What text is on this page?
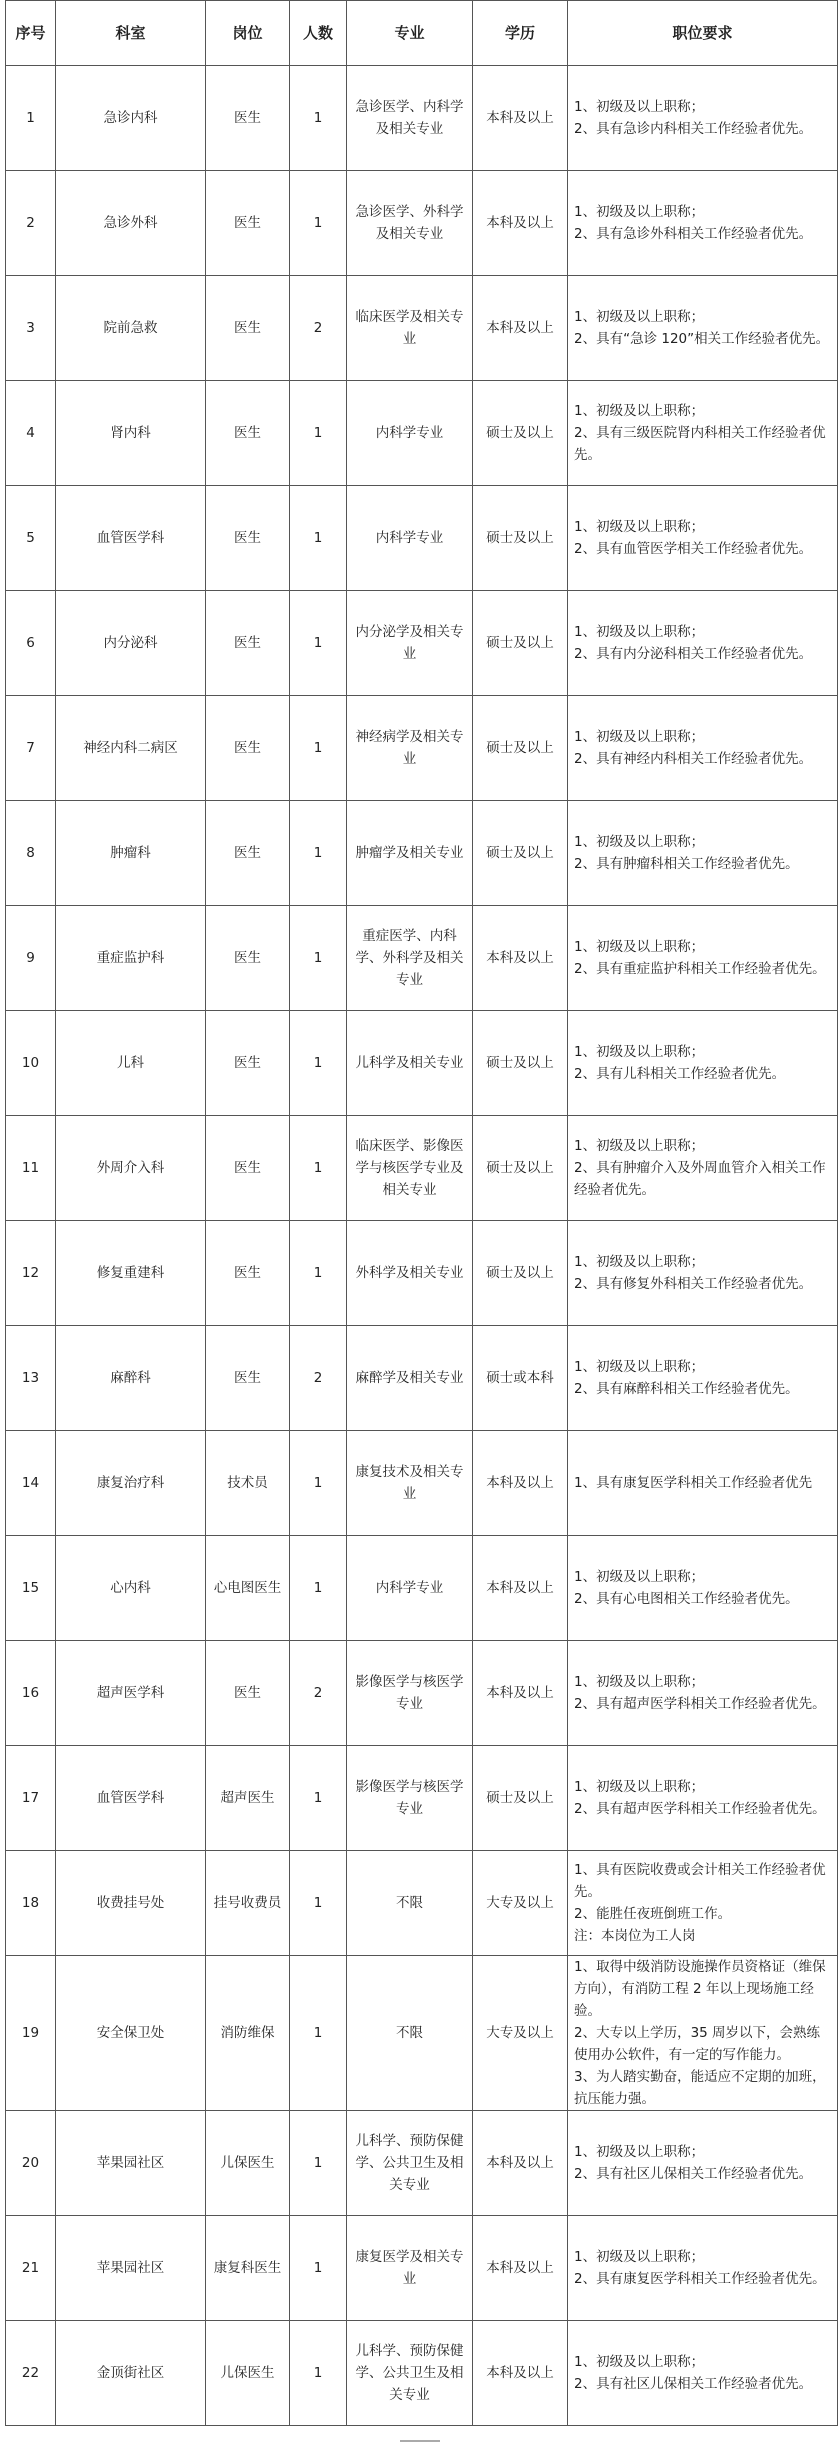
序号	科室	岗位	人数	专业	学历	职位要求
1	急诊内科	医生	1	急诊医学、内科学及相关专业	本科及以上	1、初级及以上职称；
2、具有急诊内科相关工作经验者优先。

2	急诊外科	医生	1	急诊医学、外科学及相关专业	本科及以上	1、初级及以上职称；
2、具有急诊外科相关工作经验者优先。

3	院前急救	医生	2	临床医学及相关专业	本科及以上	1、初级及以上职称；
2、具有“急诊 120”相关工作经验者优先。

4	肾内科	医生	1	内科学专业	硕士及以上	1、初级及以上职称；
2、具有三级医院肾内科相关工作经验者优先。

5	血管医学科	医生	1	内科学专业	硕士及以上	1、初级及以上职称；
2、具有血管医学相关工作经验者优先。

6	内分泌科	医生	1	内分泌学及相关专业	硕士及以上	1、初级及以上职称；
2、具有内分泌科相关工作经验者优先。

7	神经内科二病区	医生	1	神经病学及相关专业	硕士及以上	1、初级及以上职称；
2、具有神经内科相关工作经验者优先。

8	肿瘤科	医生	1	肿瘤学及相关专业	硕士及以上	1、初级及以上职称；
2、具有肿瘤科相关工作经验者优先。

9	重症监护科	医生	1	重症医学、内科学、外科学及相关专业	本科及以上	1、初级及以上职称；
2、具有重症监护科相关工作经验者优先。

10	儿科	医生	1	儿科学及相关专业	硕士及以上	1、初级及以上职称；
2、具有儿科相关工作经验者优先。

11	外周介入科	医生	1	临床医学、影像医学与核医学专业及相关专业	硕士及以上	1、初级及以上职称；
2、具有肿瘤介入及外周血管介入相关工作经验者优先。

12	修复重建科	医生	1	外科学及相关专业	硕士及以上	1、初级及以上职称；
2、具有修复外科相关工作经验者优先。

13	麻醉科	医生	2	麻醉学及相关专业	硕士或本科	1、初级及以上职称；
2、具有麻醉科相关工作经验者优先。

14	康复治疗科	技术员	1	康复技术及相关专业	本科及以上	1、具有康复医学科相关工作经验者优先

15	心内科	心电图医生	1	内科学专业	本科及以上	1、初级及以上职称；
2、具有心电图相关工作经验者优先。

16	超声医学科	医生	2	影像医学与核医学专业	本科及以上	1、初级及以上职称；
2、具有超声医学科相关工作经验者优先。

17	血管医学科	超声医生	1	影像医学与核医学专业	硕士及以上	1、初级及以上职称；
2、具有超声医学科相关工作经验者优先。

18	收费挂号处	挂号收费员	1	不限	大专及以上	1、具有医院收费或会计相关工作经验者优先。
2、能胜任夜班倒班工作。
注：本岗位为工人岗

19	安全保卫处	消防维保	1	不限	大专及以上	1、取得中级消防设施操作员资格证（维保方向），有消防工程 2 年以上现场施工经验。
2、大专以上学历，35 周岁以下，会熟练使用办公软件，有一定的写作能力。
3、为人踏实勤奋，能适应不定期的加班，抗压能力强。

20	苹果园社区	儿保医生	1	儿科学、预防保健学、公共卫生及相关专业	本科及以上	1、初级及以上职称；
2、具有社区儿保相关工作经验者优先。

21	苹果园社区	康复科医生	1	康复医学及相关专业	本科及以上	1、初级及以上职称；
2、具有康复医学科相关工作经验者优先。

22	金顶街社区	儿保医生	1	儿科学、预防保健学、公共卫生及相关专业	本科及以上	1、初级及以上职称；
2、具有社区儿保相关工作经验者优先。
